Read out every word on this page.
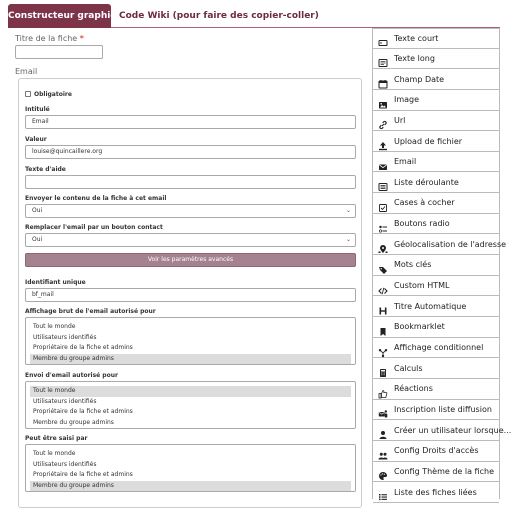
Constructeur graphique
Code Wiki (pour faire des copier-coller)
Titre de la fiche *
Email
Obligatoire
Intitulé
Email
Valeur
louise@quincaillere.org
Texte d'aide
Envoyer le contenu de la fiche à cet email
Oui	⌄
Remplacer l'email par un bouton contact
Oui	⌄
Voir les paramètres avancés
Identifiant unique
bf_mail
Affichage brut de l'email autorisé pour
Tout le monde
Utilisateurs identifiés
Propriétaire de la fiche et admins
Membre du groupe admins
Envoi d'email autorisé pour
Tout le monde
Utilisateurs identifiés
Propriétaire de la fiche et admins
Membre du groupe admins
Peut être saisi par
Tout le monde
Utilisateurs identifiés
Propriétaire de la fiche et admins
Membre du groupe admins
Texte court
Texte long
Champ Date
Image
Url
Upload de fichier
Email
Liste déroulante
Cases à cocher
Boutons radio
Géolocalisation de l'adresse
Mots clés
Custom HTML
Titre Automatique
Bookmarklet
Affichage conditionnel
Calculs
Réactions
Inscription liste diffusion
Créer un utilisateur lorsque...
Config Droits d'accès
Config Thème de la fiche
Liste des fiches liées
